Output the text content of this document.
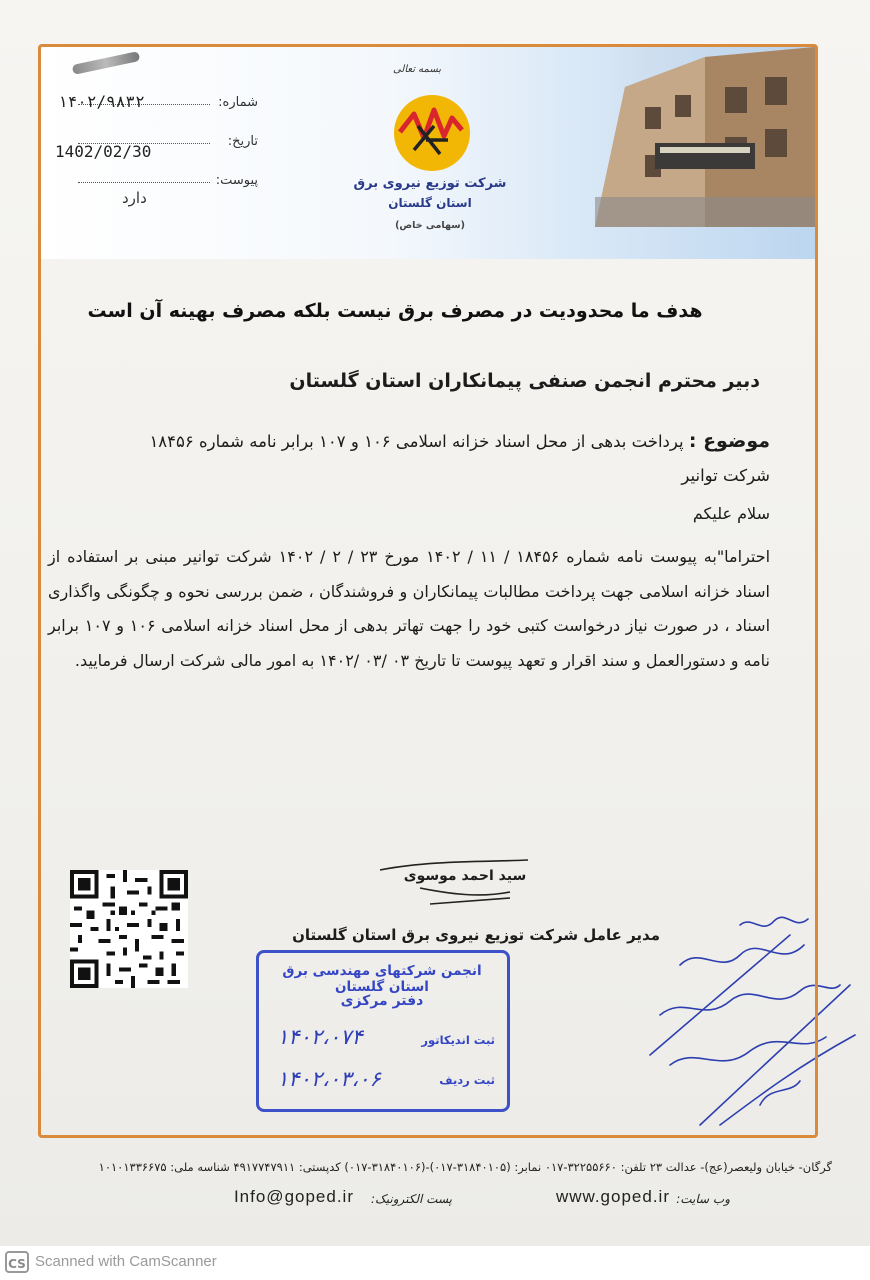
شماره:
۱۴۰۲/۹۸۳۲
تاریخ:
1402/02/30
پیوست:
دارد
بسمه تعالی
شرکت توزیع نیروی برق
استان گلستان
(سهامی خاص)
هدف ما محدودیت در مصرف برق نیست بلکه مصرف بهینه آن است
دبیر محترم انجمن صنفی پیمانکاران استان گلستان
موضوع : پرداخت بدهی از محل اسناد خزانه اسلامی ۱۰۶ و ۱۰۷ برابر نامه شماره ۱۸۴۵۶ شرکت توانیر
سلام علیکم
احتراما"به پیوست نامه شماره ۱۸۴۵۶ / ۱۱ / ۱۴۰۲ مورخ ۲۳ / ۲ / ۱۴۰۲ شرکت توانیر مبنی بر استفاده از اسناد خزانه اسلامی جهت پرداخت مطالبات پیمانکاران و فروشندگان ، ضمن بررسی نحوه و چگونگی واگذاری اسناد ، در صورت نیاز درخواست کتبی خود را جهت تهاتر بدهی از محل اسناد خزانه اسلامی ۱۰۶ و ۱۰۷ برابر نامه و دستورالعمل و سند اقرار و تعهد پیوست تا تاریخ ۰۳ /۰۳ /۱۴۰۲ به امور مالی شرکت ارسال فرمایید.
سید احمد موسوی
مدیر عامل شرکت توزیع نیروی برق استان گلستان
انجمن شرکتهای مهندسی برق استان گلستان
دفتر مرکزی
ثبت اندیکاتور
۱۴۰۲،۰۷۴
ثبت ردیف
۱۴۰۲،۰۳،۰۶
گرگان- خیابان ولیعصر(عج)- عدالت ۲۳ تلفن: ۳۲۲۵۵۶۶۰-۰۱۷ نمابر: (۳۱۸۴۰۱۰۵-۰۱۷)-(۳۱۸۴۰۱۰۶-۰۱۷) کدپستی: ۴۹۱۷۷۴۷۹۱۱ شناسه ملی: ۱۰۱۰۱۳۳۶۶۷۵
وب سایت:
www.goped.ir
پست الکترونیک:
Info@goped.ir
CS Scanned with CamScanner
